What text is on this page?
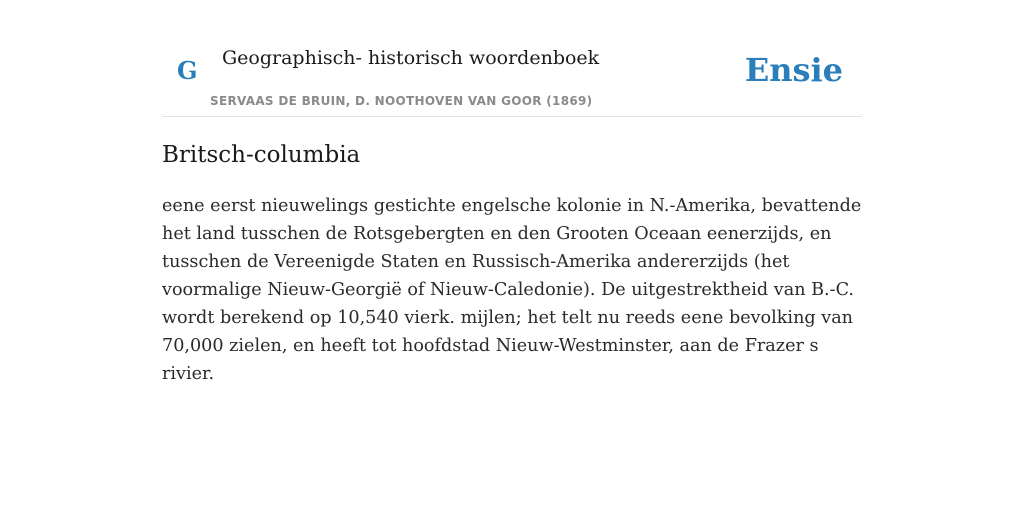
G Geographisch- historisch woordenboek
SERVAAS DE BRUIN, D. NOOTHOVEN VAN GOOR (1869)
Ensie
Britsch-columbia

eene eerst nieuwelings gestichte engelsche kolonie in N.-Amerika, bevattende het land tusschen de Rotsgebergten en den Grooten Oceaan eenerzijds, en tusschen de Vereenigde Staten en Russisch-Amerika andererzijds (het voormalige Nieuw-Georgië of Nieuw-Caledonie). De uitgestrektheid van B.-C. wordt berekend op 10,540 vierk. mijlen; het telt nu reeds eene bevolking van 70,000 zielen, en heeft tot hoofdstad Nieuw-Westminster, aan de Frazer s rivier.
